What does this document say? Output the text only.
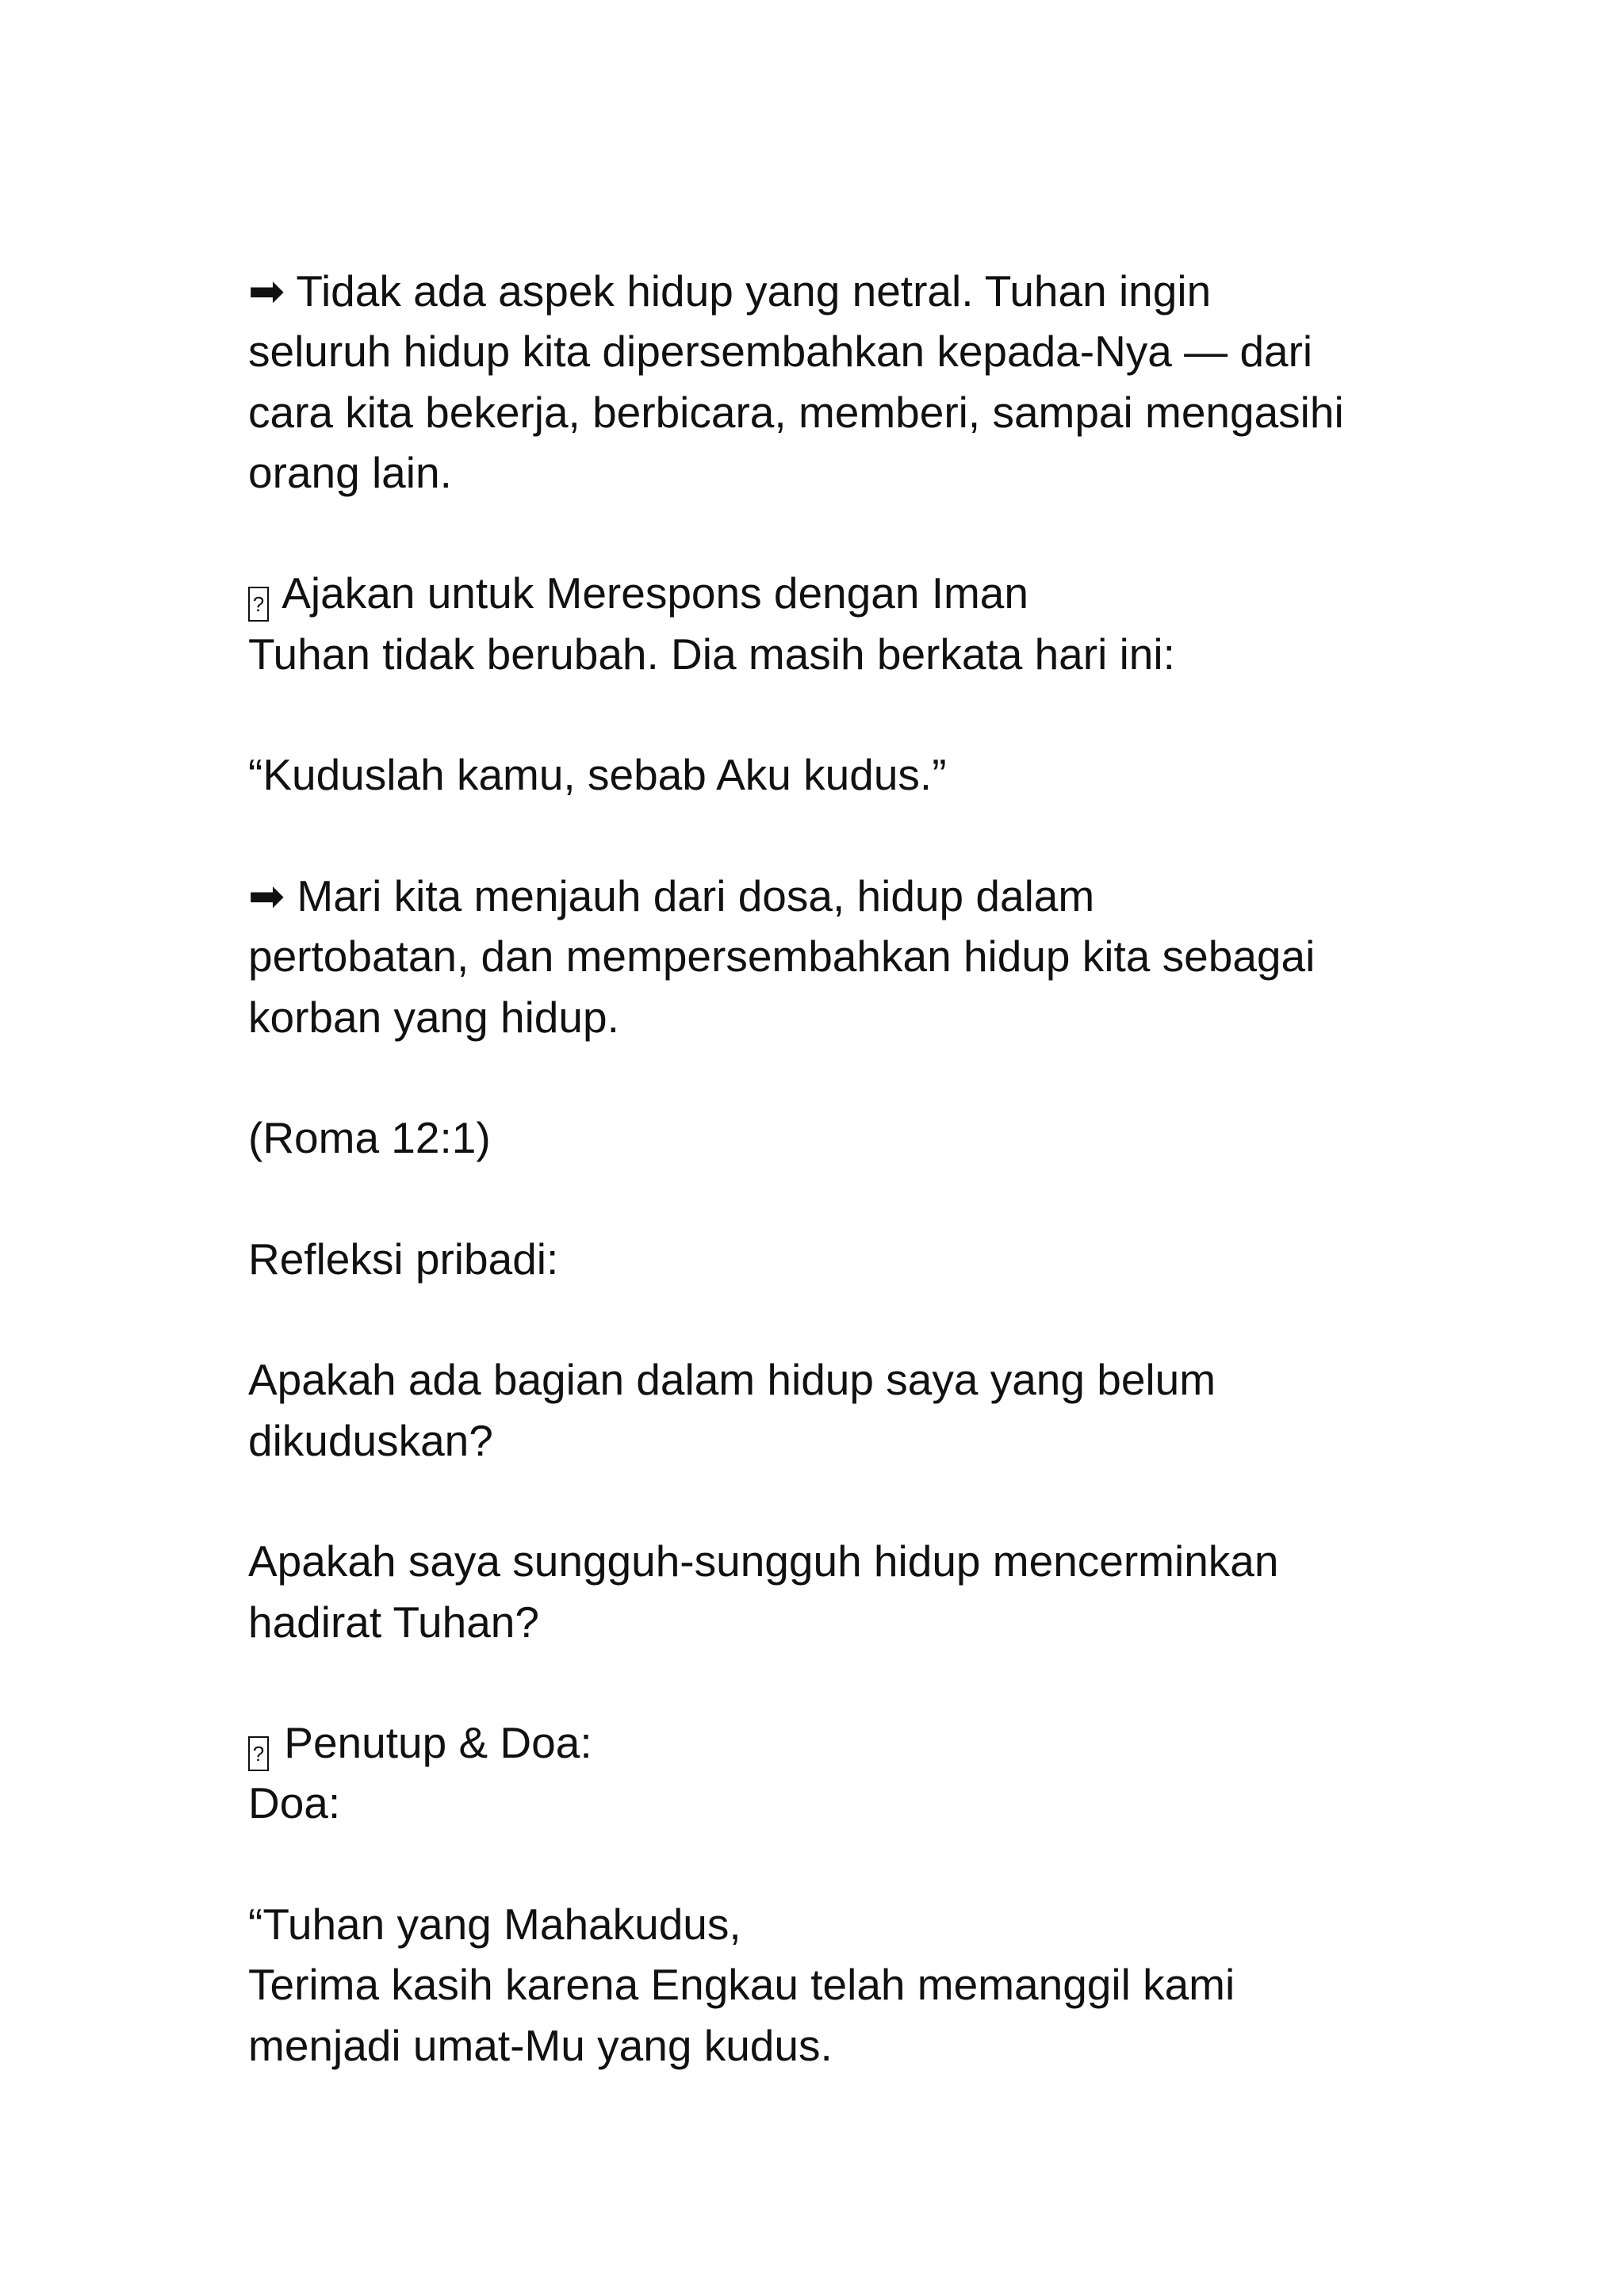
➡ Tidak ada aspek hidup yang netral. Tuhan ingin
seluruh hidup kita dipersembahkan kepada-Nya — dari
cara kita bekerja, berbicara, memberi, sampai mengasihi
orang lain.
? Ajakan untuk Merespons dengan Iman
Tuhan tidak berubah. Dia masih berkata hari ini:
“Kuduslah kamu, sebab Aku kudus.”
➡ Mari kita menjauh dari dosa, hidup dalam
pertobatan, dan mempersembahkan hidup kita sebagai
korban yang hidup.
(Roma 12:1)
Refleksi pribadi:
Apakah ada bagian dalam hidup saya yang belum
dikuduskan?
Apakah saya sungguh-sungguh hidup mencerminkan
hadirat Tuhan?
? Penutup & Doa:
Doa:
“Tuhan yang Mahakudus,
Terima kasih karena Engkau telah memanggil kami
menjadi umat-Mu yang kudus.
